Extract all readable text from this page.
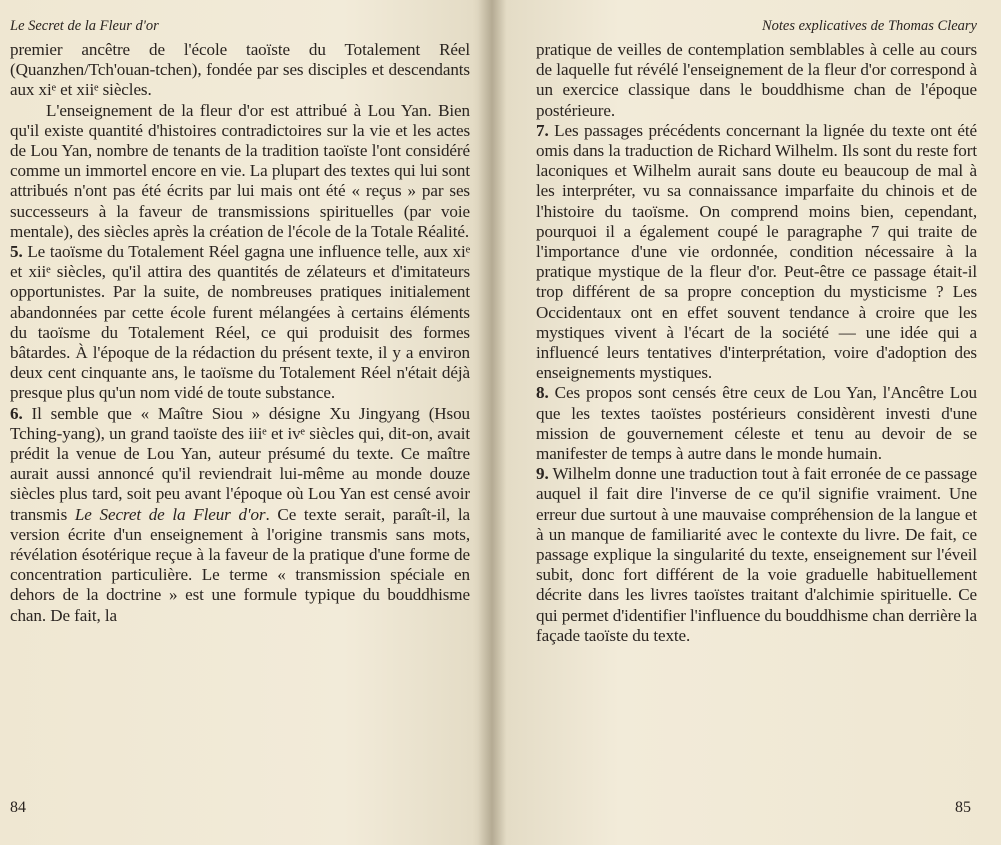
Le Secret de la Fleur d'or

premier ancêtre de l'école taoïste du Totalement Réel (Quanzhen/Tch'ouan-tchen), fondée par ses disciples et descendants aux xiᵉ et xiiᵉ siècles.

L'enseignement de la fleur d'or est attribué à Lou Yan. Bien qu'il existe quantité d'histoires contradictoires sur la vie et les actes de Lou Yan, nombre de tenants de la tradition taoïste l'ont considéré comme un immortel encore en vie. La plupart des textes qui lui sont attribués n'ont pas été écrits par lui mais ont été « reçus » par ses successeurs à la faveur de transmissions spirituelles (par voie mentale), des siècles après la création de l'école de la Totale Réalité.

5. Le taoïsme du Totalement Réel gagna une influence telle, aux xiᵉ et xiiᵉ siècles, qu'il attira des quantités de zélateurs et d'imitateurs opportunistes. Par la suite, de nombreuses pratiques initialement abandonnées par cette école furent mélangées à certains éléments du taoïsme du Totalement Réel, ce qui produisit des formes bâtardes. À l'époque de la rédaction du présent texte, il y a environ deux cent cinquante ans, le taoïsme du Totalement Réel n'était déjà presque plus qu'un nom vidé de toute substance.

6. Il semble que « Maître Siou » désigne Xu Jingyang (Hsou Tching-yang), un grand taoïste des iiiᵉ et ivᵉ siècles qui, dit-on, avait prédit la venue de Lou Yan, auteur présumé du texte. Ce maître aurait aussi annoncé qu'il reviendrait lui-même au monde douze siècles plus tard, soit peu avant l'époque où Lou Yan est censé avoir transmis Le Secret de la Fleur d'or. Ce texte serait, paraît-il, la version écrite d'un enseignement à l'origine transmis sans mots, révélation ésotérique reçue à la faveur de la pratique d'une forme de concentration particulière. Le terme « transmission spéciale en dehors de la doctrine » est une formule typique du bouddhisme chan. De fait, la

84
Notes explicatives de Thomas Cleary

pratique de veilles de contemplation semblables à celle au cours de laquelle fut révélé l'enseignement de la fleur d'or correspond à un exercice classique dans le bouddhisme chan de l'époque postérieure.

7. Les passages précédents concernant la lignée du texte ont été omis dans la traduction de Richard Wilhelm. Ils sont du reste fort laconiques et Wilhelm aurait sans doute eu beaucoup de mal à les interpréter, vu sa connaissance imparfaite du chinois et de l'histoire du taoïsme. On comprend moins bien, cependant, pourquoi il a également coupé le paragraphe 7 qui traite de l'importance d'une vie ordonnée, condition nécessaire à la pratique mystique de la fleur d'or. Peut-être ce passage était-il trop différent de sa propre conception du mysticisme ? Les Occidentaux ont en effet souvent tendance à croire que les mystiques vivent à l'écart de la société — une idée qui a influencé leurs tentatives d'interprétation, voire d'adoption des enseignements mystiques.

8. Ces propos sont censés être ceux de Lou Yan, l'Ancêtre Lou que les textes taoïstes postérieurs considèrent investi d'une mission de gouvernement céleste et tenu au devoir de se manifester de temps à autre dans le monde humain.

9. Wilhelm donne une traduction tout à fait erronée de ce passage auquel il fait dire l'inverse de ce qu'il signifie vraiment. Une erreur due surtout à une mauvaise compréhension de la langue et à un manque de familiarité avec le contexte du livre. De fait, ce passage explique la singularité du texte, enseignement sur l'éveil subit, donc fort différent de la voie graduelle habituellement décrite dans les livres taoïstes traitant d'alchimie spirituelle. Ce qui permet d'identifier l'influence du bouddhisme chan derrière la façade taoïste du texte.

85
